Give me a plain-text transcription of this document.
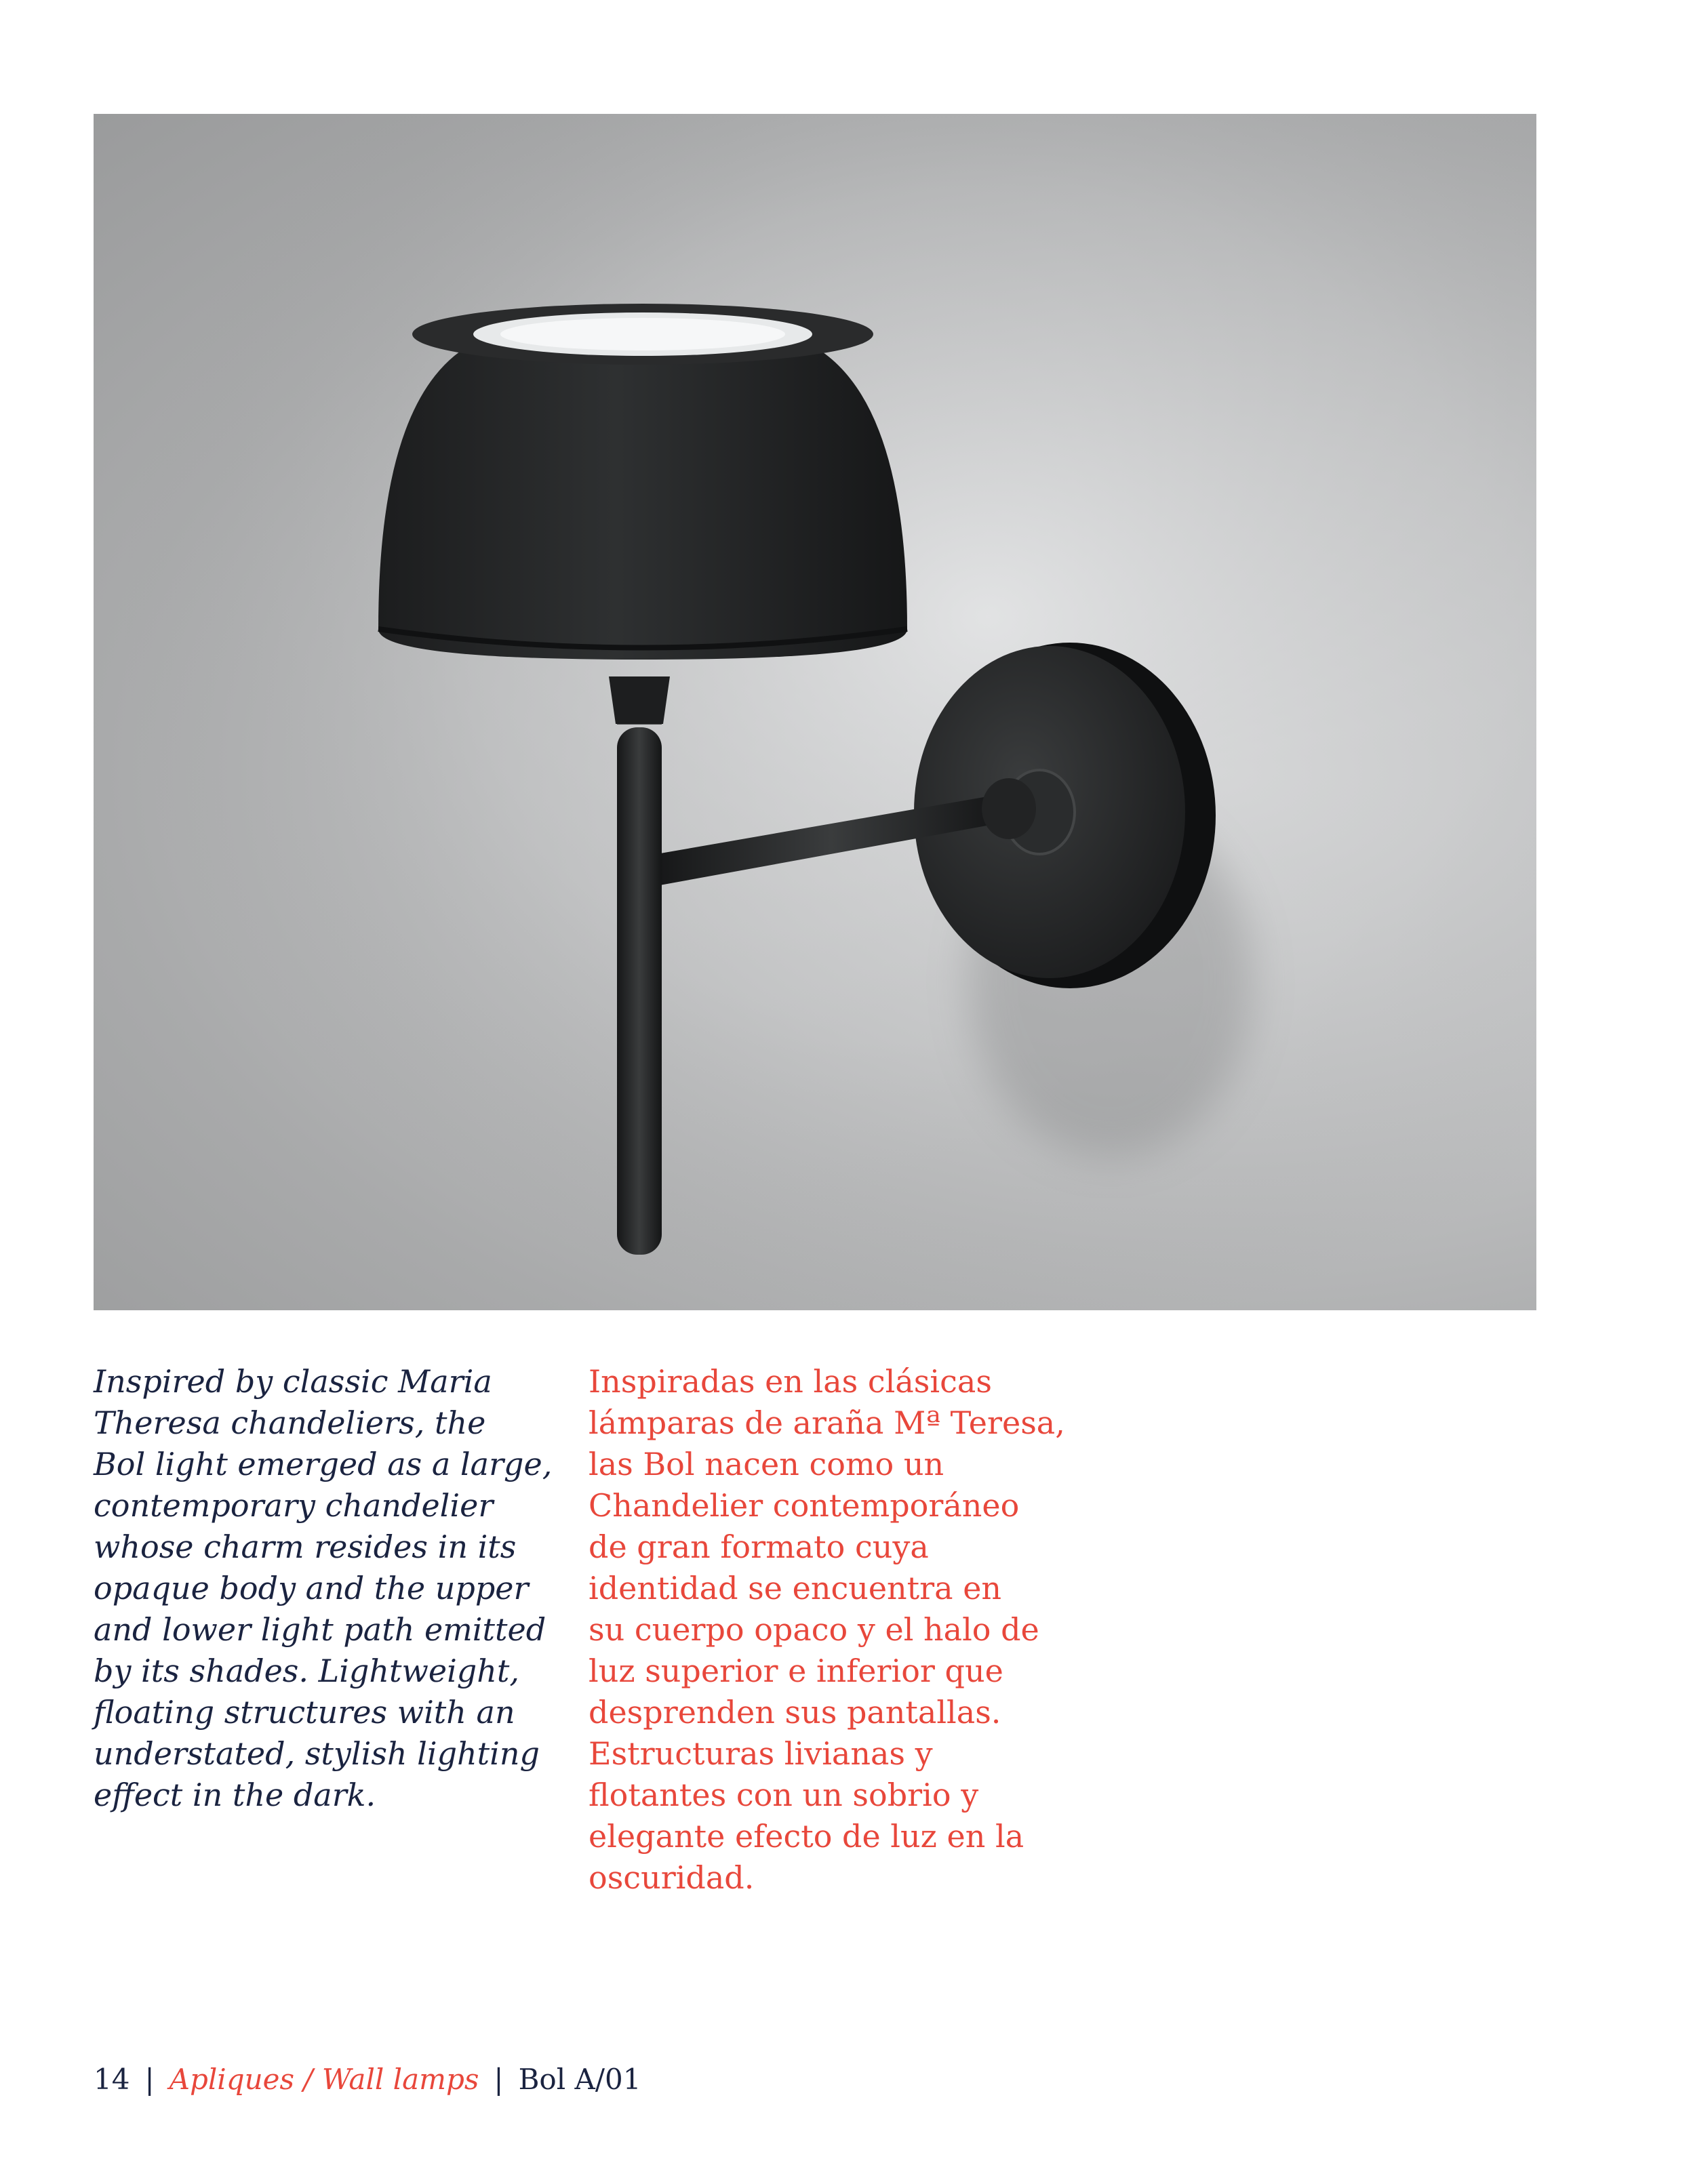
Inspired by classic Maria
Theresa chandeliers, the
Bol light emerged as a large,
contemporary chandelier
whose charm resides in its
opaque body and the upper
and lower light path emitted
by its shades. Lightweight,
floating structures with an
understated, stylish lighting
effect in the dark.

Inspiradas en las clásicas
lámparas de araña Mª Teresa,
las Bol nacen como un
Chandelier contemporáneo
de gran formato cuya
identidad se encuentra en
su cuerpo opaco y el halo de
luz superior e inferior que
desprenden sus pantallas.
Estructuras livianas y
flotantes con un sobrio y
elegante efecto de luz en la
oscuridad.

14 | Apliques / Wall lamps | Bol A/01
